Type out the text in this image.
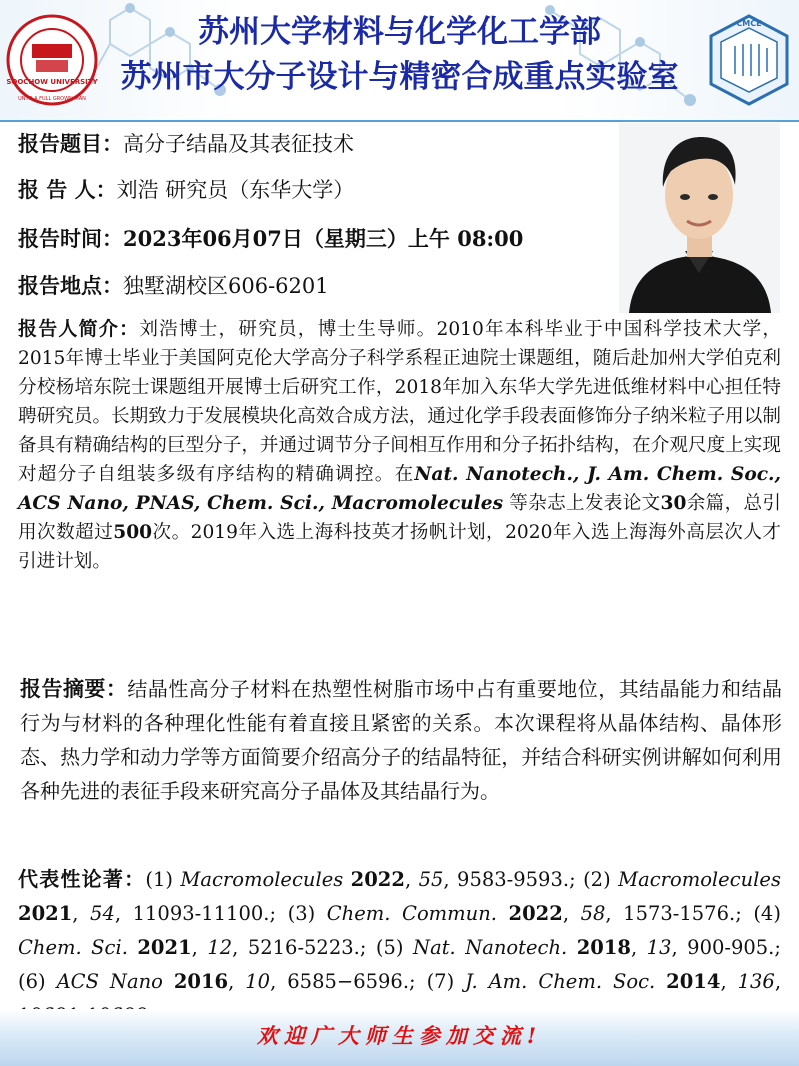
SOOCHOW UNIVERSITY
UNTO A FULL GROWN MAN
苏州大学材料与化学化工学部
苏州市大分子设计与精密合成重点实验室
CMCE
报告题目：高分子结晶及其表征技术
报 告 人：刘浩 研究员（东华大学）
报告时间：2023年06月07日（星期三）上午 08:00
报告地点：独墅湖校区606-6201
报告人简介：刘浩博士，研究员，博士生导师。2010年本科毕业于中国科学技术大学，2015年博士毕业于美国阿克伦大学高分子科学系程正迪院士课题组，随后赴加州大学伯克利分校杨培东院士课题组开展博士后研究工作，2018年加入东华大学先进低维材料中心担任特聘研究员。长期致力于发展模块化高效合成方法，通过化学手段表面修饰分子纳米粒子用以制备具有精确结构的巨型分子，并通过调节分子间相互作用和分子拓扑结构，在介观尺度上实现对超分子自组装多级有序结构的精确调控。在Nat. Nanotech., J. Am. Chem. Soc., ACS Nano, PNAS, Chem. Sci., Macromolecules 等杂志上发表论文30余篇，总引用次数超过500次。2019年入选上海科技英才扬帆计划，2020年入选上海海外高层次人才引进计划。
报告摘要：结晶性高分子材料在热塑性树脂市场中占有重要地位，其结晶能力和结晶行为与材料的各种理化性能有着直接且紧密的关系。本次课程将从晶体结构、晶体形态、热力学和动力学等方面简要介绍高分子的结晶特征，并结合科研实例讲解如何利用各种先进的表征手段来研究高分子晶体及其结晶行为。
代表性论著：(1) Macromolecules 2022, 55, 9583-9593.; (2) Macromolecules 2021, 54, 11093-11100.; (3) Chem. Commun. 2022, 58, 1573-1576.; (4) Chem. Sci. 2021, 12, 5216-5223.; (5) Nat. Nanotech. 2018, 13, 900-905.; (6) ACS Nano 2016, 10, 6585−6596.; (7) J. Am. Chem. Soc. 2014, 136,
欢迎广大师生参加交流!
